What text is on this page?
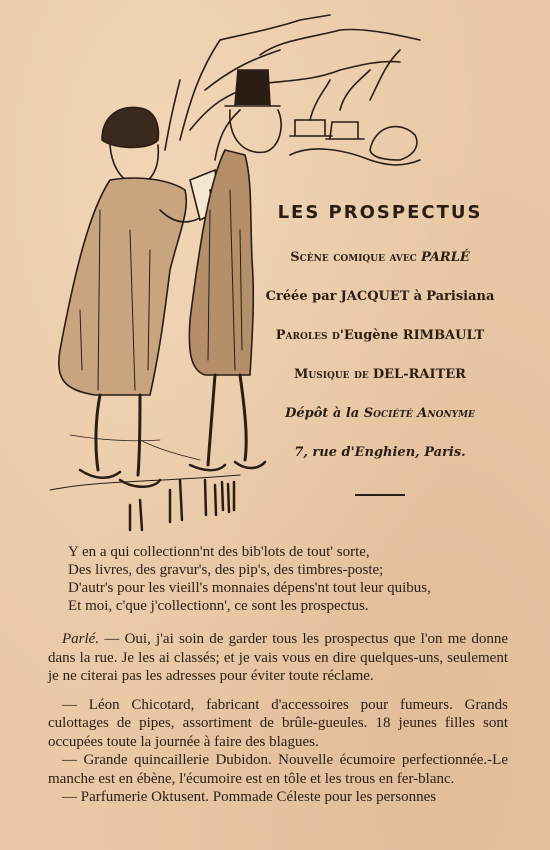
LES PROSPECTUS
Scène comique avec PARLÉ
Créée par JACQUET à Parisiana
Paroles d'Eugène RIMBAULT
Musique de DEL-RAITER
Dépôt à la Société Anonyme
7, rue d'Enghien, Paris.
Y en a qui collectionn'nt des bib'lots de tout' sorte,
Des livres, des gravur's, des pip's, des timbres-poste;
D'autr's pour les vieill's monnaies dépens'nt tout leur quibus,
Et moi, c'que j'collectionn', ce sont les prospectus.

Parlé. — Oui, j'ai soin de garder tous les prospectus que l'on me donne dans la rue. Je les ai classés; et je vais vous en dire quelques-uns, seulement je ne citerai pas les adresses pour éviter toute réclame.

— Léon Chicotard, fabricant d'accessoires pour fumeurs. Grands culottages de pipes, assortiment de brûle-gueules. 18 jeunes filles sont occupées toute la journée à faire des blagues.

— Grande quincaillerie Dubidon. Nouvelle écumoire perfectionnée.-Le manche est en ébène, l'écumoire est en tôle et les trous en fer-blanc.

— Parfumerie Oktusent. Pommade Céleste pour les personnes
